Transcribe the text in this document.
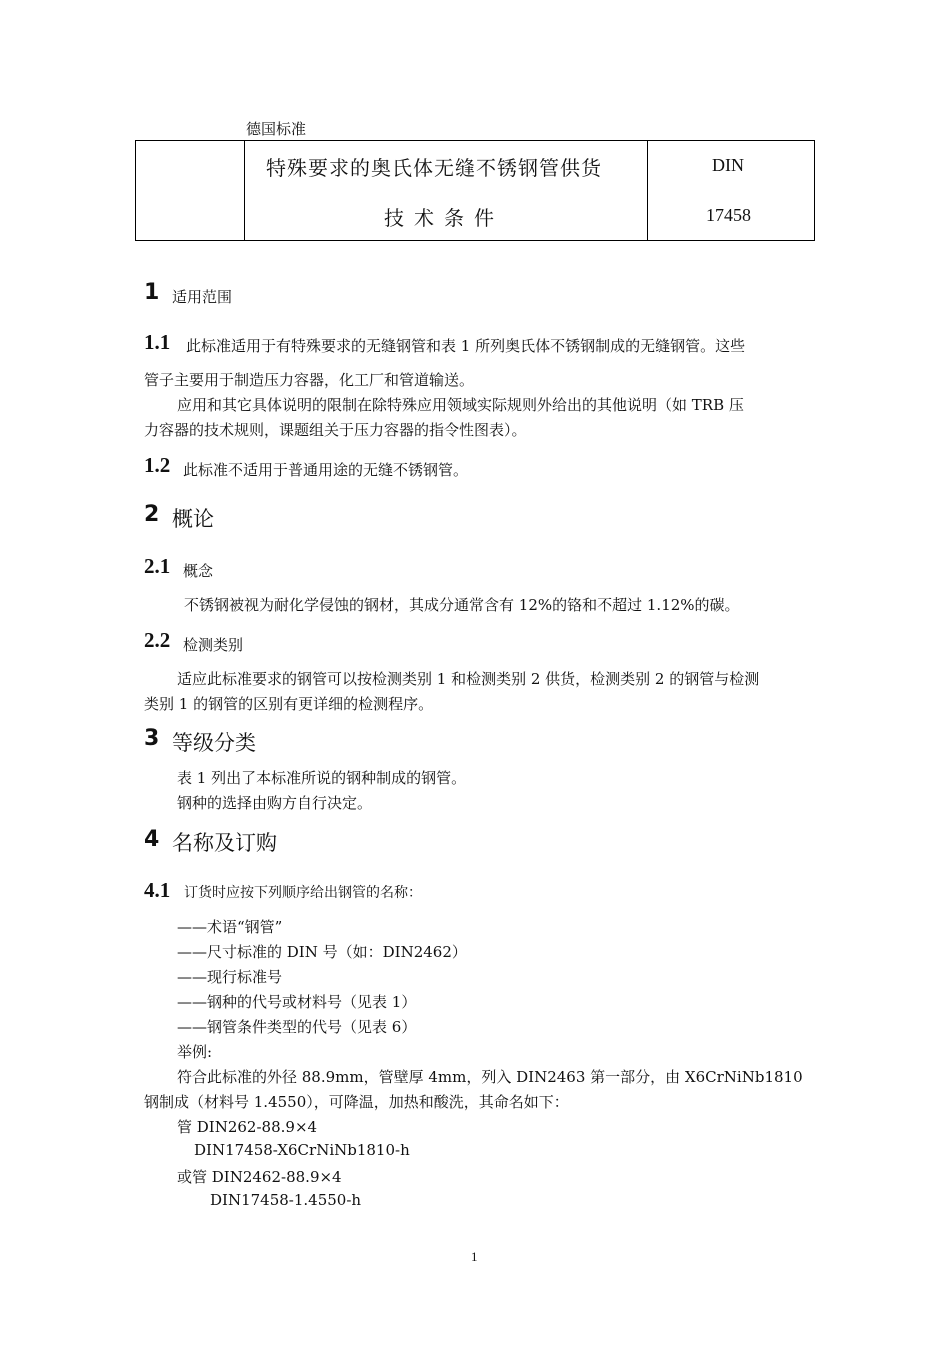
德国标准
特殊要求的奥氏体无缝不锈钢管供货
技术条件
DIN
17458
1 适用范围
1.1 此标准适用于有特殊要求的无缝钢管和表 1 所列奥氏体不锈钢制成的无缝钢管。这些
管子主要用于制造压力容器，化工厂和管道输送。
应用和其它具体说明的限制在除特殊应用领域实际规则外给出的其他说明（如 TRB 压
力容器的技术规则，课题组关于压力容器的指令性图表）。
1.2 此标准不适用于普通用途的无缝不锈钢管。
2 概论
2.1 概念
不锈钢被视为耐化学侵蚀的钢材，其成分通常含有 12%的铬和不超过 1.12%的碳。
2.2 检测类别
适应此标准要求的钢管可以按检测类别 1 和检测类别 2 供货，检测类别 2 的钢管与检测
类别 1 的钢管的区别有更详细的检测程序。
3 等级分类
表 1 列出了本标准所说的钢种制成的钢管。
钢种的选择由购方自行决定。
4 名称及订购
4.1 订货时应按下列顺序给出钢管的名称：
——术语“钢管”
——尺寸标准的 DIN 号（如：DIN2462）
——现行标准号
——钢种的代号或材料号（见表 1）
——钢管条件类型的代号（见表 6）
举例:
符合此标准的外径 88.9mm，管壁厚 4mm，列入 DIN2463 第一部分，由 X6CrNiNb1810
钢制成（材料号 1.4550），可降温，加热和酸洗，其命名如下：
管 DIN262-88.9×4
DIN17458-X6CrNiNb1810-h
或管 DIN2462-88.9×4
DIN17458-1.4550-h
1
